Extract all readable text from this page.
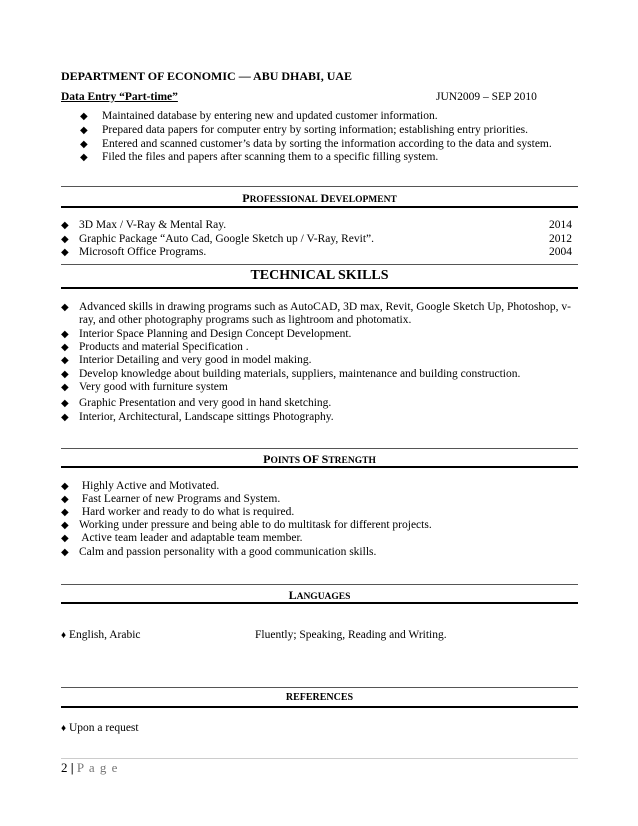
DEPARTMENT OF ECONOMIC — ABU DHABI, UAE
Data Entry “Part-time”	JUN2009 – SEP 2010
◆ Maintained database by entering new and updated customer information.
◆ Prepared data papers for computer entry by sorting information; establishing entry priorities.
◆ Entered and scanned customer’s data by sorting the information according to the data and system.
◆ Filed the files and papers after scanning them to a specific filling system.
PROFESSIONAL DEVELOPMENT
◆ 3D Max / V-Ray & Mental Ray.	2014
◆ Graphic Package “Auto Cad, Google Sketch up / V-Ray, Revit”.	2012
◆ Microsoft Office Programs.	2004
TECHNICAL SKILLS
◆ Advanced skills in drawing programs such as AutoCAD, 3D max, Revit, Google Sketch Up, Photoshop, v-
ray, and other photography programs such as lightroom and photomatix.
◆ Interior Space Planning and Design Concept Development.
◆ Products and material Specification .
◆ Interior Detailing and very good in model making.
◆ Develop knowledge about building materials, suppliers, maintenance and building construction.
◆ Very good with furniture system
◆ Graphic Presentation and very good in hand sketching.
◆ Interior, Architectural, Landscape sittings Photography.
POINTS OF STRENGTH
◆ Highly Active and Motivated.
◆ Fast Learner of new Programs and System.
◆ Hard worker and ready to do what is required.
◆ Working under pressure and being able to do multitask for different projects.
◆ Active team leader and adaptable team member.
◆ Calm and passion personality with a good communication skills.
LANGUAGES
♦ English, Arabic	Fluently; Speaking, Reading and Writing.
REFERENCES
♦ Upon a request
2 | P a g e
